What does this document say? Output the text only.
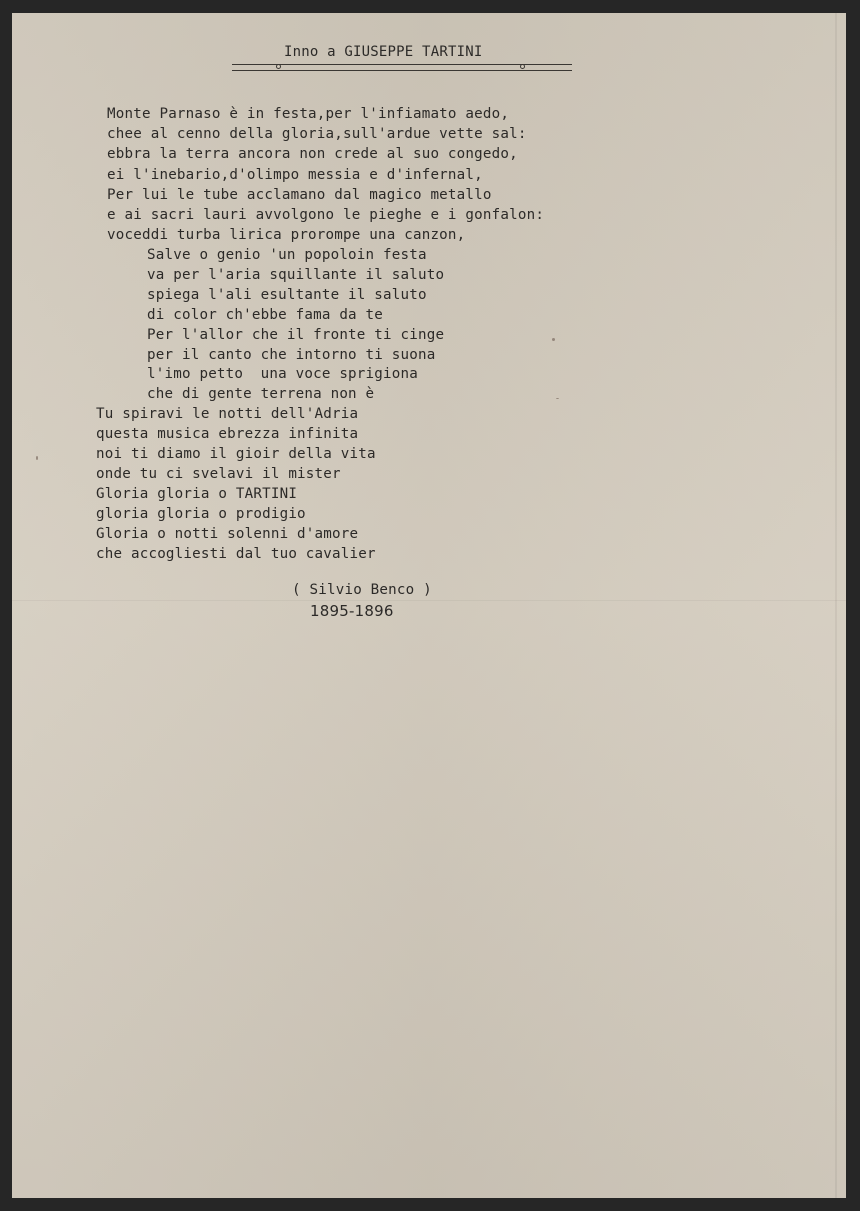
Inno a GIUSEPPE TARTINI

Monte Parnaso è in festa,per l'infiamato aedo,

chee al cenno della gloria,sull'ardue vette sal:

ebbra la terra ancora non crede al suo congedo,

ei l'inebario,d'olimpo messia e d'infernal,

Per lui le tube acclamano dal magico metallo

e ai sacri lauri avvolgono le pieghe e i gonfalon:

voceddi turba lirica prorompe una canzon,

Salve o genio 'un popoloin festa

va per l'aria squillante il saluto

spiega l'ali esultante il saluto

di color ch'ebbe fama da te

Per l'allor che il fronte ti cinge

per il canto che intorno ti suona

l'imo petto  una voce sprigiona

che di gente terrena non è

Tu spiravi le notti dell'Adria

questa musica ebrezza infinita

noi ti diamo il gioir della vita

onde tu ci svelavi il mister

Gloria gloria o TARTINI

gloria gloria o prodigio

Gloria o notti solenni d'amore

che accogliesti dal tuo cavalier

( Silvio Benco )

1895-1896
